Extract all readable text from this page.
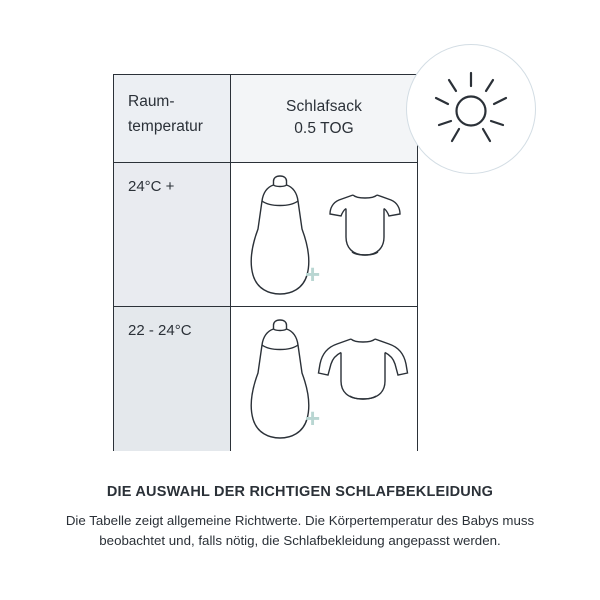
Raum-
temperatur
Schlafsack
0.5 TOG
24°C +
+
22 - 24°C
+
DIE AUSWAHL DER RICHTIGEN SCHLAFBEKLEIDUNG
Die Tabelle zeigt allgemeine Richtwerte. Die Körpertemperatur des Babys muss beobachtet und, falls nötig, die Schlafbekleidung angepasst werden.
